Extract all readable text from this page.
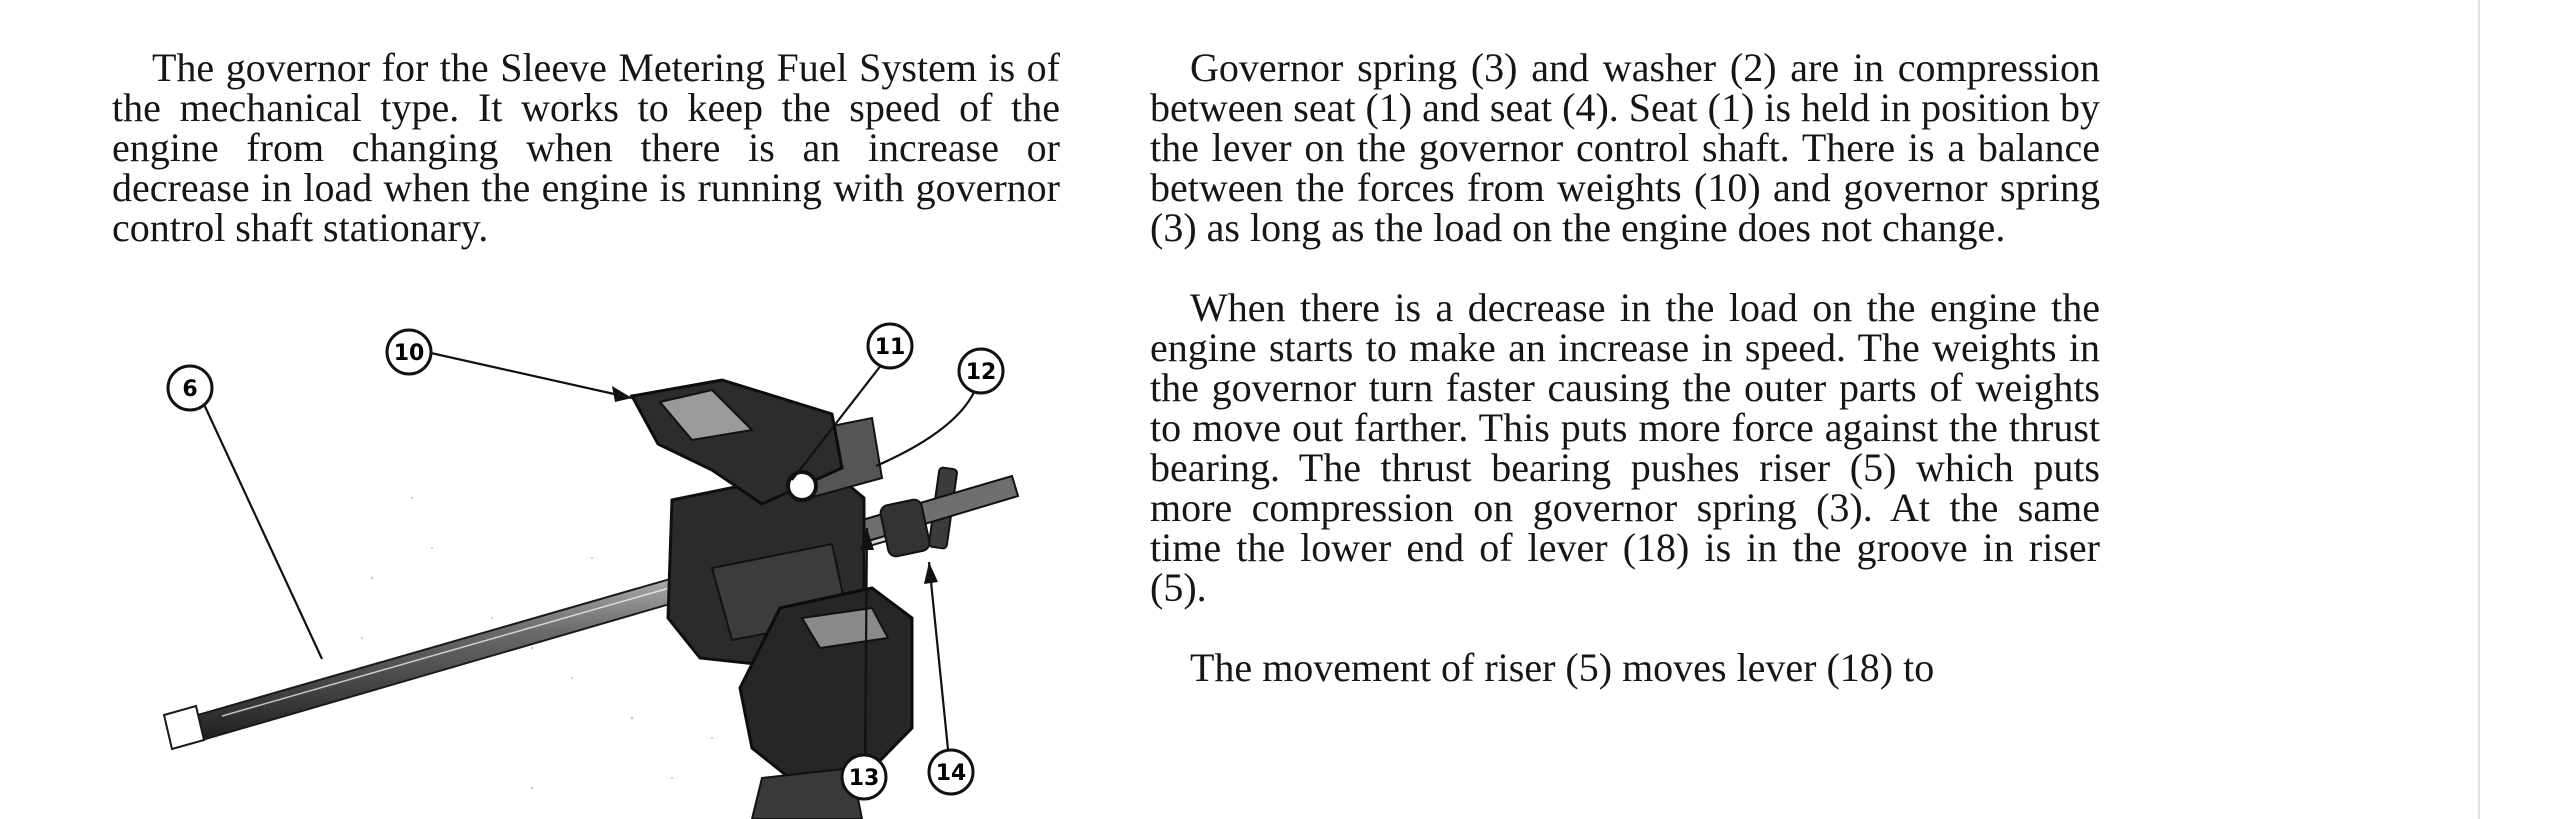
The governor for the Sleeve Metering Fuel System is of the mechanical type. It works to keep the speed of the engine from changing when there is an increase or decrease in load when the engine is running with governor control shaft stationary.

6
10	11
12
13	14

Governor spring (3) and washer (2) are in compression between seat (1) and seat (4). Seat (1) is held in position by the lever on the governor control shaft. There is a balance between the forces from weights (10) and governor spring (3) as long as the load on the engine does not change.

When there is a decrease in the load on the engine the engine starts to make an increase in speed. The weights in the governor turn faster causing the outer parts of weights to move out farther. This puts more force against the thrust bearing. The thrust bearing pushes riser (5) which puts more compression on governor spring (3). At the same time the lower end of lever (18) is in the groove in riser (5).

The movement of riser (5) moves lever (18) to
